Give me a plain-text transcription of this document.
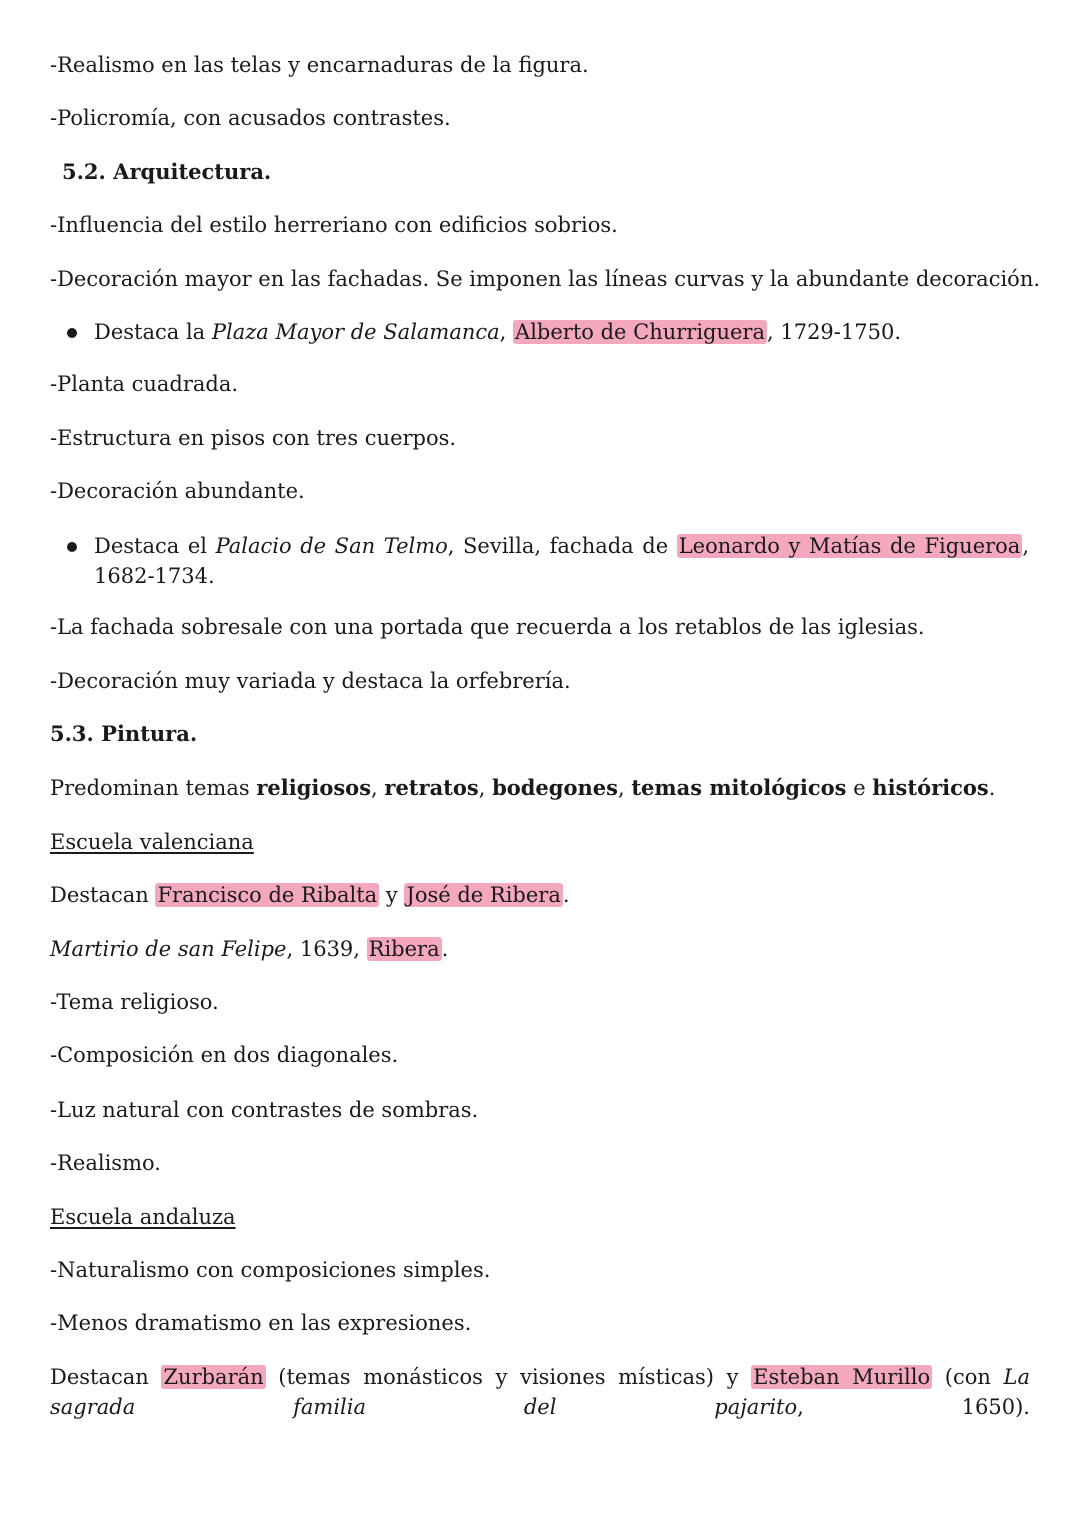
-Realismo en las telas y encarnaduras de la figura.
-Policromía, con acusados contrastes.
5.2. Arquitectura.
-Influencia del estilo herreriano con edificios sobrios.
-Decoración mayor en las fachadas. Se imponen las líneas curvas y la abundante decoración.
Destaca la Plaza Mayor de Salamanca, Alberto de Churriguera, 1729-1750.
-Planta cuadrada.
-Estructura en pisos con tres cuerpos.
-Decoración abundante.
Destaca el Palacio de San Telmo, Sevilla, fachada de Leonardo y Matías de Figueroa, 1682-1734.
-La fachada sobresale con una portada que recuerda a los retablos de las iglesias.
-Decoración muy variada y destaca la orfebrería.
5.3. Pintura.
Predominan temas religiosos, retratos, bodegones, temas mitológicos e históricos.
Escuela valenciana
Destacan Francisco de Ribalta y José de Ribera.
Martirio de san Felipe, 1639, Ribera.
-Tema religioso.
-Composición en dos diagonales.
-Luz natural con contrastes de sombras.
-Realismo.
Escuela andaluza
-Naturalismo con composiciones simples.
-Menos dramatismo en las expresiones.
Destacan Zurbarán (temas monásticos y visiones místicas) y Esteban Murillo (con La sagrada familia del pajarito, 1650).
